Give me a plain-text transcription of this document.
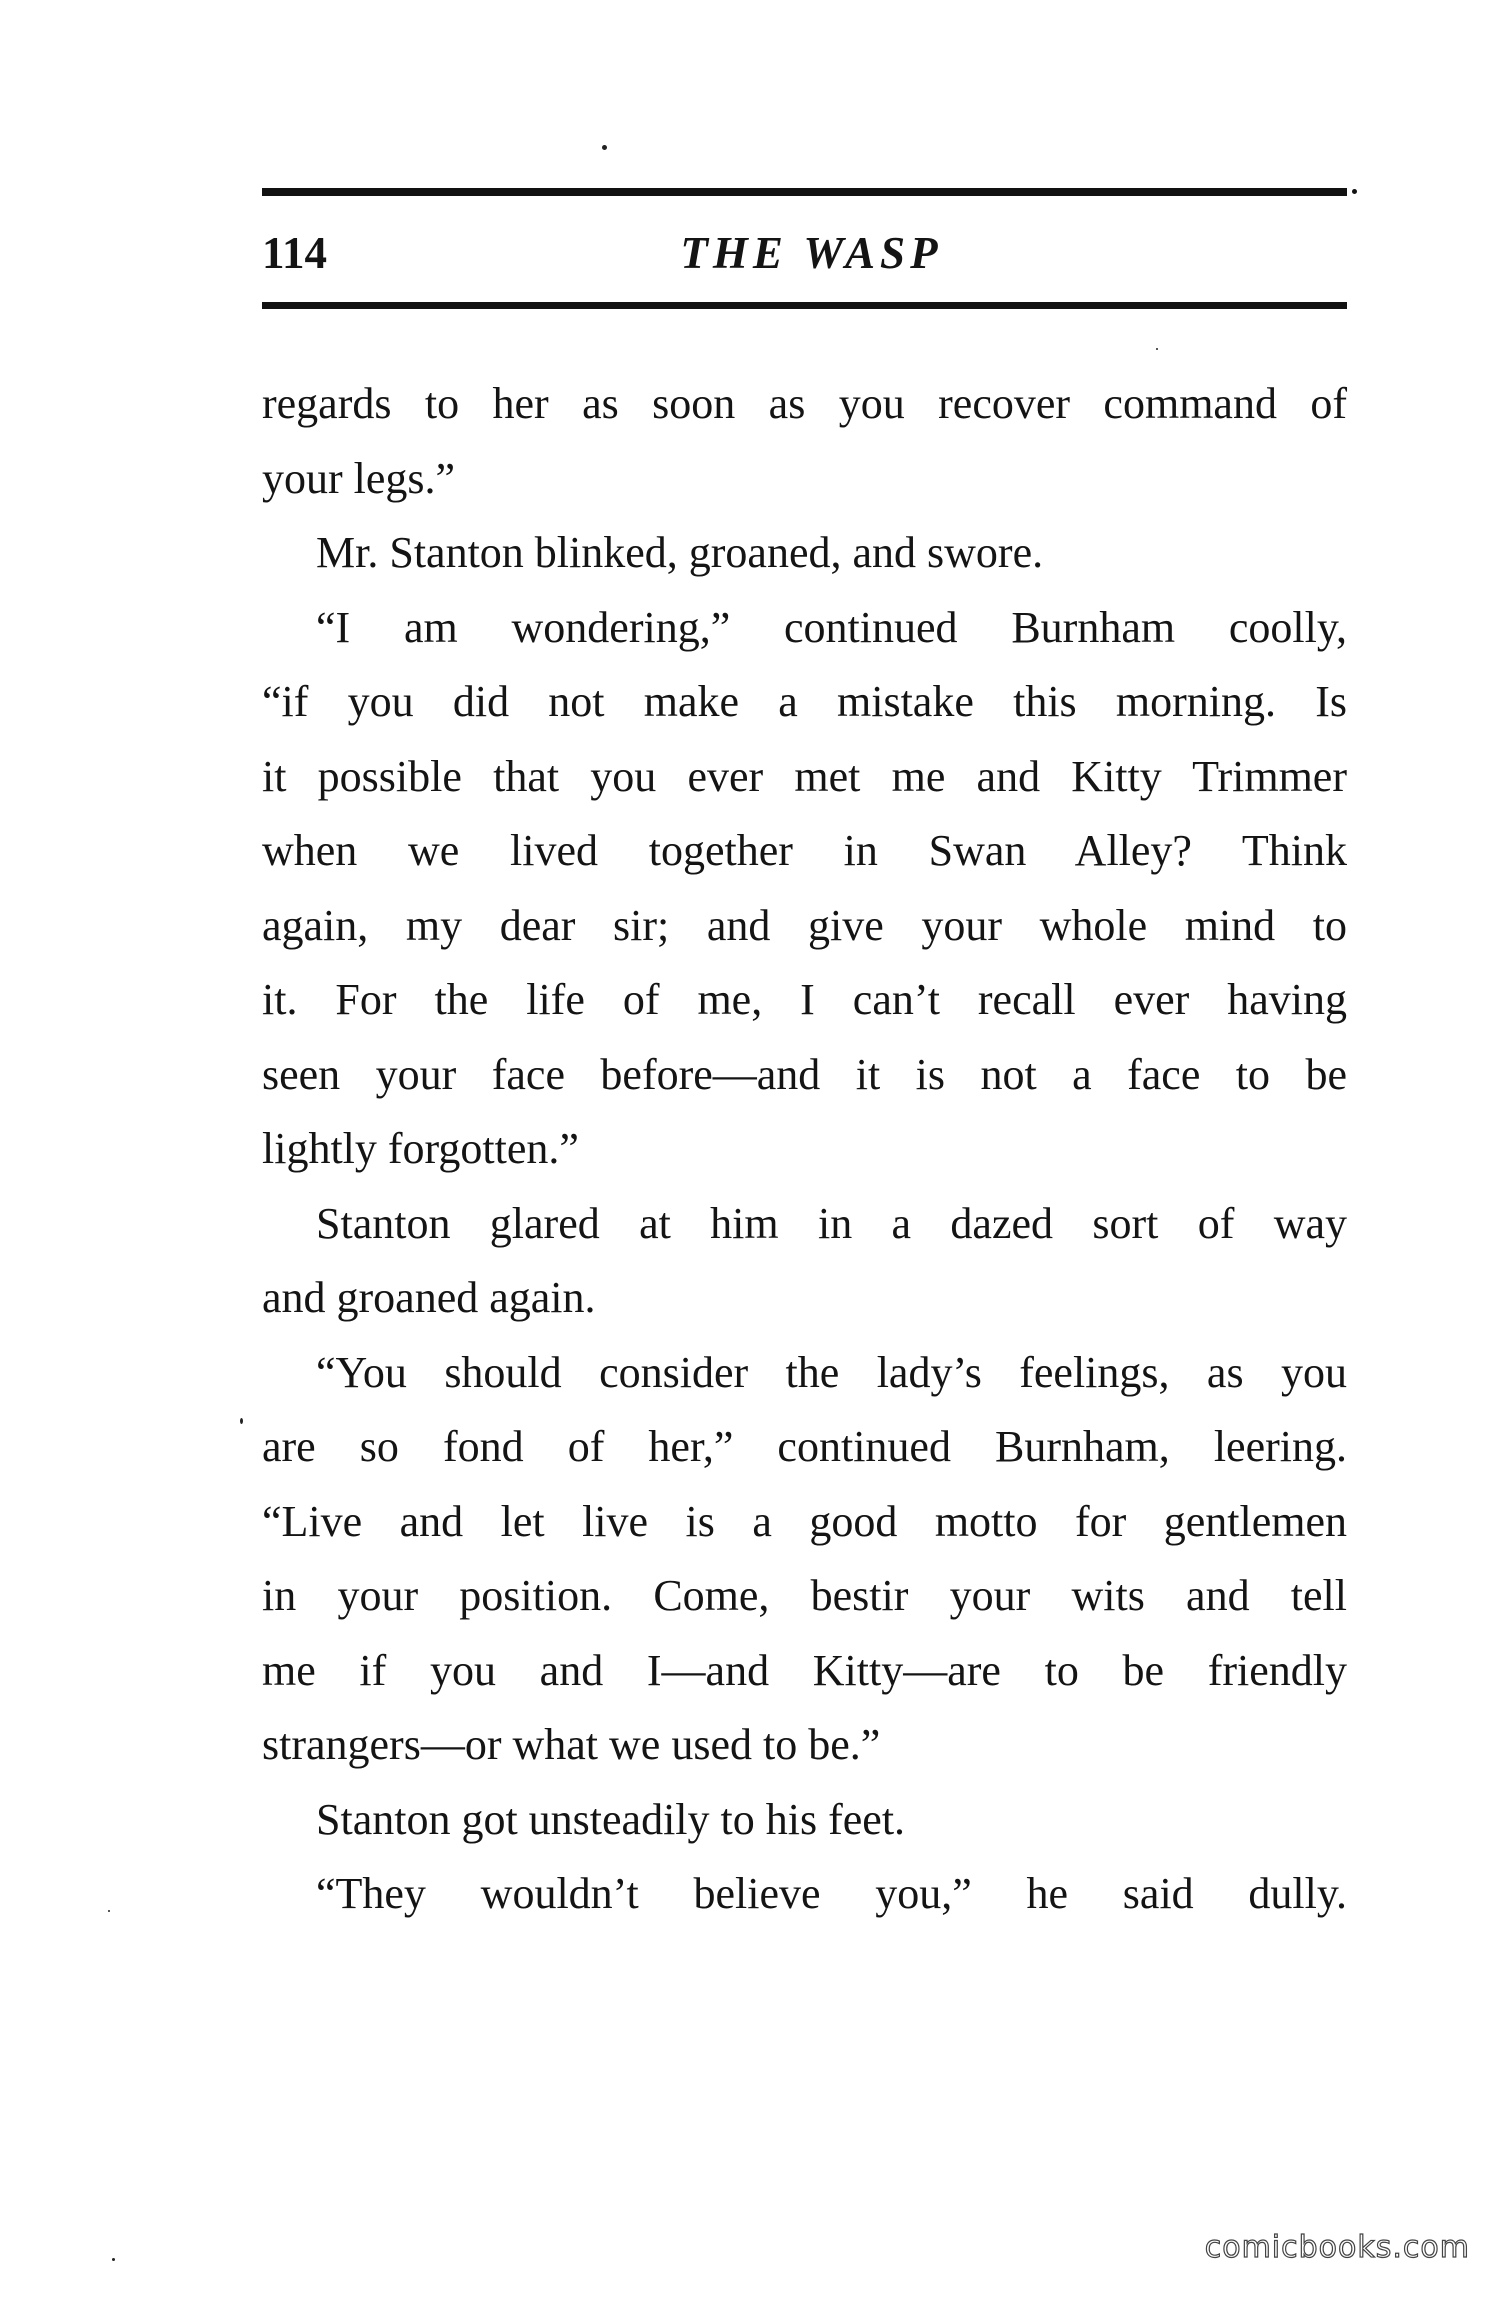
114	THE WASP
regards to her as soon as you recover command of
your legs.”
Mr. Stanton blinked, groaned, and swore.
“I am wondering,” continued Burnham coolly,
“if you did not make a mistake this morning. Is
it possible that you ever met me and Kitty Trimmer
when we lived together in Swan Alley? Think
again, my dear sir; and give your whole mind to
it. For the life of me, I can’t recall ever having
seen your face before—and it is not a face to be
lightly forgotten.”
Stanton glared at him in a dazed sort of way
and groaned again.
“You should consider the lady’s feelings, as you
are so fond of her,” continued Burnham, leering.
“Live and let live is a good motto for gentlemen
in your position. Come, bestir your wits and tell
me if you and I—and Kitty—are to be friendly
strangers—or what we used to be.”
Stanton got unsteadily to his feet.
“They wouldn’t believe you,” he said dully.
comicbooks.com
